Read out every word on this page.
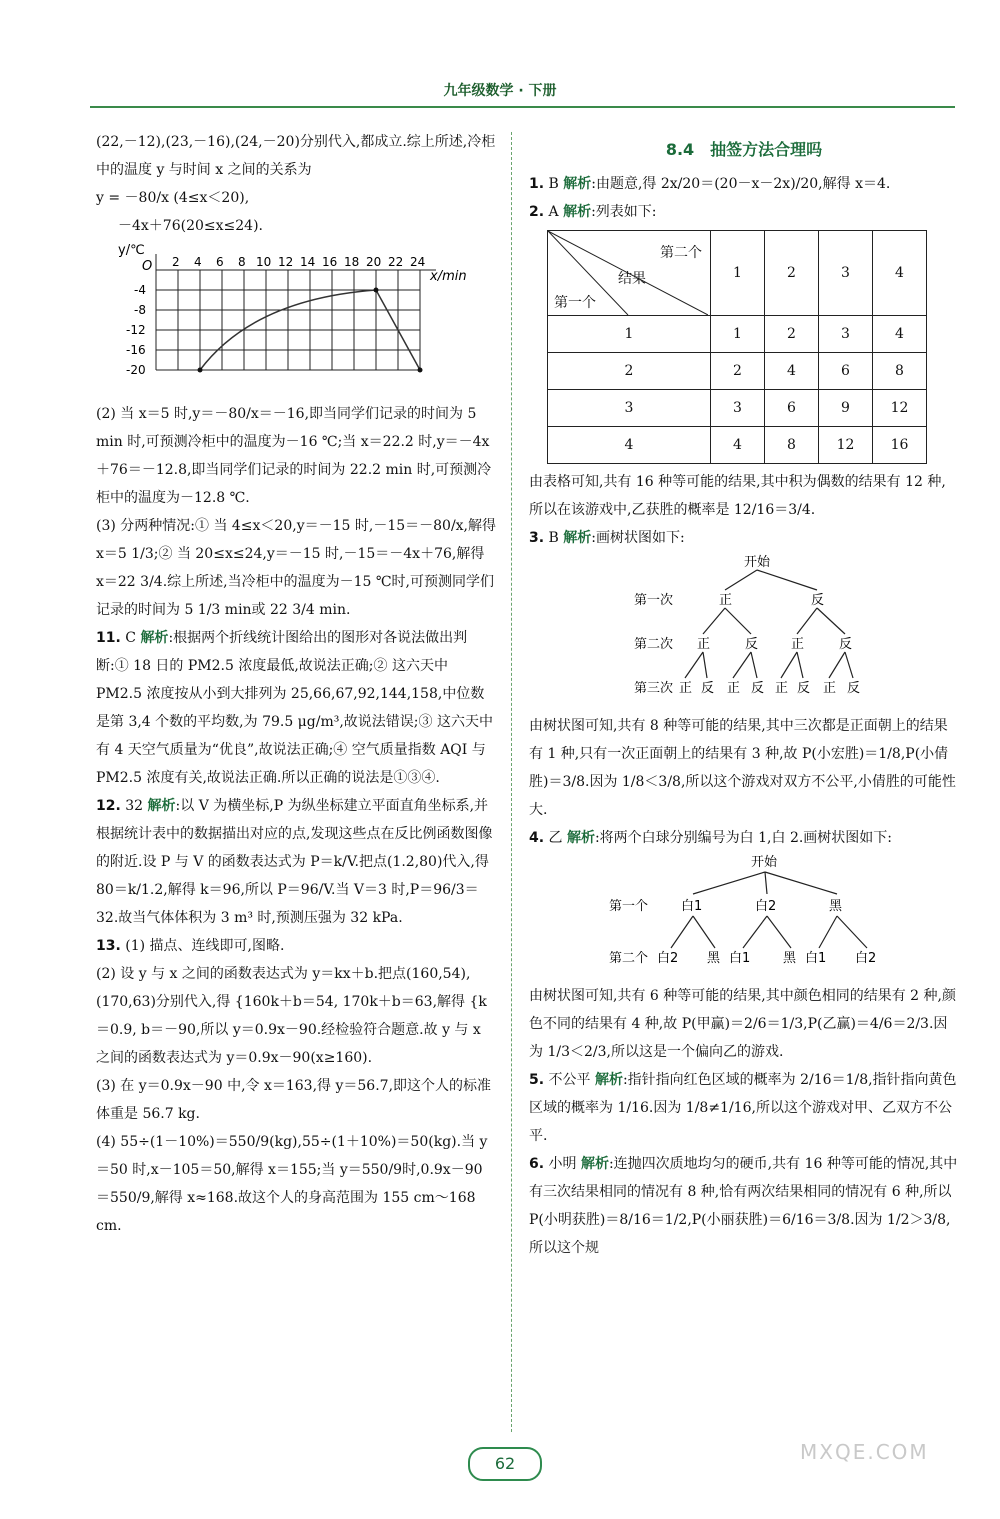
九年级数学 · 下册

(22,－12),(23,－16),(24,－20)分别代入,都成立.综上所述,冷柜中的温度 y 与时间 x 之间的关系为

y = －80/x (4≤x＜20),

－4x＋76(20≤x≤24).

y/℃
O 2 4 6 8 10 12 14 16 18 20 22 24
-4
-8
-12
-16
-20
x/min

(2) 当 x＝5 时,y＝－80/x＝－16,即当同学们记录的时间为 5 min 时,可预测冷柜中的温度为－16 ℃;当 x＝22.2 时,y＝－4x＋76＝－12.8,即当同学们记录的时间为 22.2 min 时,可预测冷柜中的温度为－12.8 ℃.

(3) 分两种情况:① 当 4≤x＜20,y＝－15 时,－15＝－80/x,解得 x＝5 1/3;② 当 20≤x≤24,y＝－15 时,－15＝－4x＋76,解得 x＝22 3/4.综上所述,当冷柜中的温度为－15 ℃时,可预测同学们记录的时间为 5 1/3 min或 22 3/4 min.

11. C 解析:根据两个折线统计图给出的图形对各说法做出判断:① 18 日的 PM2.5 浓度最低,故说法正确;② 这六天中 PM2.5 浓度按从小到大排列为 25,66,67,92,144,158,中位数是第 3,4 个数的平均数,为 79.5 μg/m³,故说法错误;③ 这六天中有 4 天空气质量为“优良”,故说法正确;④ 空气质量指数 AQI 与PM2.5 浓度有关,故说法正确.所以正确的说法是①③④.

12. 32 解析:以 V 为横坐标,P 为纵坐标建立平面直角坐标系,并根据统计表中的数据描出对应的点,发现这些点在反比例函数图像的附近.设 P 与 V 的函数表达式为 P＝k/V.把点(1.2,80)代入,得 80＝k/1.2,解得 k＝96,所以 P＝96/V.当 V＝3 时,P＝96/3＝32.故当气体体积为 3 m³ 时,预测压强为 32 kPa.

13. (1) 描点、连线即可,图略.

(2) 设 y 与 x 之间的函数表达式为 y＝kx＋b.把点(160,54),(170,63)分别代入,得 {160k＋b＝54, 170k＋b＝63,解得 {k＝0.9, b＝－90,所以 y＝0.9x－90.经检验符合题意.故 y 与 x 之间的函数表达式为 y＝0.9x－90(x≥160).

(3) 在 y＝0.9x－90 中,令 x＝163,得 y＝56.7,即这个人的标准体重是 56.7 kg.

(4) 55÷(1－10%)＝550/9(kg),55÷(1＋10%)＝50(kg).当 y＝50 时,x－105＝50,解得 x＝155;当 y＝550/9时,0.9x－90＝550/9,解得 x≈168.故这个人的身高范围为 155 cm～168 cm.

8.4　抽签方法合理吗

1. B 解析:由题意,得 2x/20＝(20－x－2x)/20,解得 x＝4.

2. A 解析:列表如下:

第二个
结果
第一个	1	2	3	4
1	1	2	3	4
2	2	4	6	8
3	3	6	9	12
4	4	8	12	16

由表格可知,共有 16 种等可能的结果,其中积为偶数的结果有 12 种,所以在该游戏中,乙获胜的概率是 12/16＝3/4.

3. B 解析:画树状图如下:

开始
第一次
第二次
第三次
正	反
正	反	正	反
正 反 正 反 正 反 正 反

由树状图可知,共有 8 种等可能的结果,其中三次都是正面朝上的结果有 1 种,只有一次正面朝上的结果有 3 种,故 P(小宏胜)＝1/8,P(小倩胜)＝3/8.因为 1/8＜3/8,所以这个游戏对双方不公平,小倩胜的可能性大.

4. 乙 解析:将两个白球分别编号为白 1,白 2.画树状图如下:

开始
第一个
第二个
白1	白2	黑
白2 黑 白1	黑 白1 白2

由树状图可知,共有 6 种等可能的结果,其中颜色相同的结果有 2 种,颜色不同的结果有 4 种,故 P(甲赢)＝2/6＝1/3,P(乙赢)＝4/6＝2/3.因为 1/3＜2/3,所以这是一个偏向乙的游戏.

5. 不公平 解析:指针指向红色区域的概率为 2/16＝1/8,指针指向黄色区域的概率为 1/16.因为 1/8≠1/16,所以这个游戏对甲、乙双方不公平.

6. 小明 解析:连抛四次质地均匀的硬币,共有 16 种等可能的情况,其中有三次结果相同的情况有 8 种,恰有两次结果相同的情况有 6 种,所以 P(小明获胜)＝8/16＝1/2,P(小丽获胜)＝6/16＝3/8.因为 1/2＞3/8,所以这个规

62	MXQE.COM
